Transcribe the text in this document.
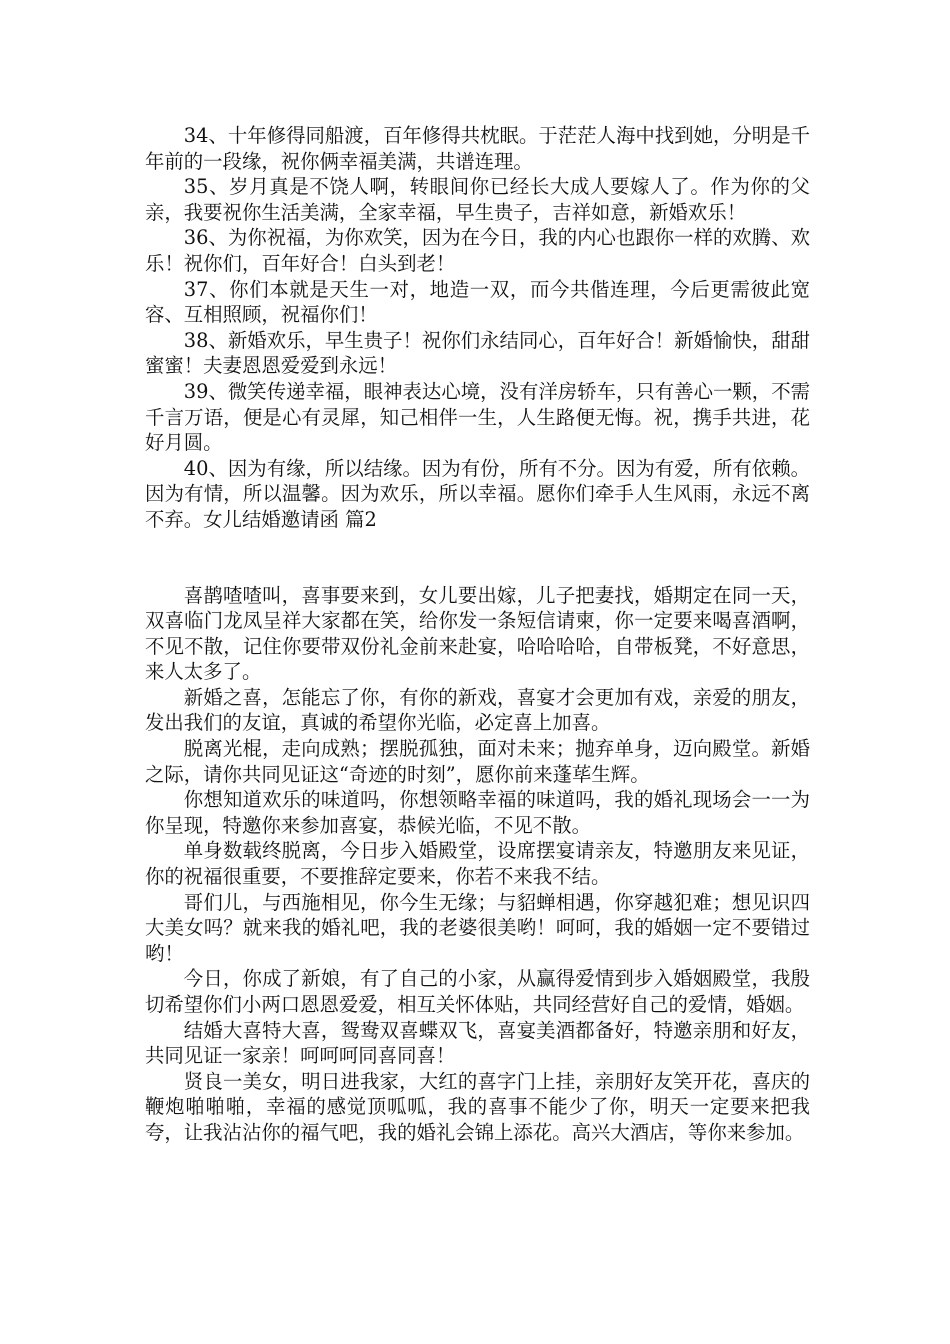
34、十年修得同船渡，百年修得共枕眠。于茫茫人海中找到她，分明是千年前的一段缘，祝你俩幸福美满，共谱连理。

35、岁月真是不饶人啊，转眼间你已经长大成人要嫁人了。作为你的父亲，我要祝你生活美满，全家幸福，早生贵子，吉祥如意，新婚欢乐！

36、为你祝福，为你欢笑，因为在今日，我的内心也跟你一样的欢腾、欢乐！祝你们，百年好合！白头到老！

37、你们本就是天生一对，地造一双，而今共偕连理，今后更需彼此宽容、互相照顾，祝福你们！

38、新婚欢乐，早生贵子！祝你们永结同心，百年好合！新婚愉快，甜甜蜜蜜！夫妻恩恩爱爱到永远！

39、微笑传递幸福，眼神表达心境，没有洋房轿车，只有善心一颗，不需千言万语，便是心有灵犀，知己相伴一生，人生路便无悔。祝，携手共进，花好月圆。

40、因为有缘，所以结缘。因为有份，所有不分。因为有爱，所有依赖。因为有情，所以温馨。因为欢乐，所以幸福。愿你们牵手人生风雨，永远不离不弃。女儿结婚邀请函 篇2

喜鹊喳喳叫，喜事要来到，女儿要出嫁，儿子把妻找，婚期定在同一天，双喜临门龙凤呈祥大家都在笑，给你发一条短信请柬，你一定要来喝喜酒啊，不见不散，记住你要带双份礼金前来赴宴，哈哈哈哈，自带板凳，不好意思，来人太多了。

新婚之喜，怎能忘了你，有你的新戏，喜宴才会更加有戏，亲爱的朋友，发出我们的友谊，真诚的希望你光临，必定喜上加喜。

脱离光棍，走向成熟；摆脱孤独，面对未来；抛弃单身，迈向殿堂。新婚之际，请你共同见证这“奇迹的时刻”，愿你前来蓬荜生辉。

你想知道欢乐的味道吗，你想领略幸福的味道吗，我的婚礼现场会一一为你呈现，特邀你来参加喜宴，恭候光临，不见不散。

单身数载终脱离，今日步入婚殿堂，设席摆宴请亲友，特邀朋友来见证，你的祝福很重要，不要推辞定要来，你若不来我不结。

哥们儿，与西施相见，你今生无缘；与貂蝉相遇，你穿越犯难；想见识四大美女吗？就来我的婚礼吧，我的老婆很美哟！呵呵，我的婚姻一定不要错过哟！

今日，你成了新娘，有了自己的小家，从赢得爱情到步入婚姻殿堂，我殷切希望你们小两口恩恩爱爱，相互关怀体贴，共同经营好自己的爱情，婚姻。

结婚大喜特大喜，鸳鸯双喜蝶双飞，喜宴美酒都备好，特邀亲朋和好友，共同见证一家亲！呵呵呵同喜同喜！

贤良一美女，明日进我家，大红的喜字门上挂，亲朋好友笑开花，喜庆的鞭炮啪啪啪，幸福的感觉顶呱呱，我的喜事不能少了你，明天一定要来把我夸，让我沾沾你的福气吧，我的婚礼会锦上添花。高兴大酒店，等你来参加。
